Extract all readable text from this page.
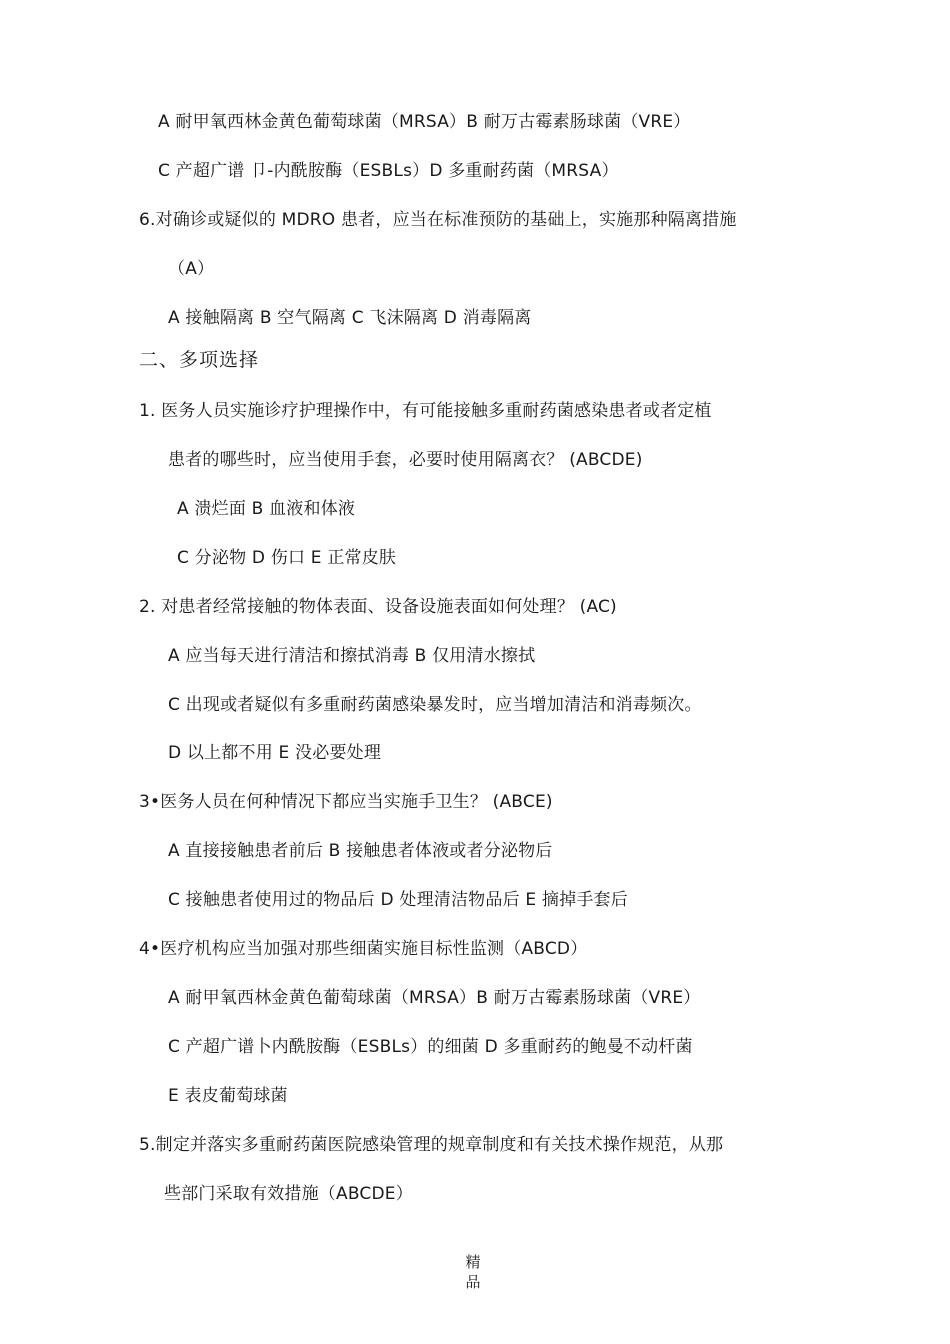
A 耐甲氧西林金黄色葡萄球菌（MRSA）B 耐万古霉素肠球菌（VRE）
C 产超广谱 卩-内酰胺酶（ESBLs）D 多重耐药菌（MRSA）
6.对确诊或疑似的 MDRO 患者，应当在标准预防的基础上，实施那种隔离措施
（A）
A 接触隔离 B 空气隔离 C 飞沫隔离 D 消毒隔离
二、多项选择
1. 医务人员实施诊疗护理操作中，有可能接触多重耐药菌感染患者或者定植
患者的哪些时，应当使用手套，必要时使用隔离衣？ (ABCDE)
A 溃烂面 B 血液和体液
C 分泌物 D 伤口 E 正常皮肤
2. 对患者经常接触的物体表面、设备设施表面如何处理？ (AC)
A 应当每天进行清洁和擦拭消毒 B 仅用清水擦拭
C 出现或者疑似有多重耐药菌感染暴发时，应当增加清洁和消毒频次。
D 以上都不用 E 没必要处理
3•医务人员在何种情况下都应当实施手卫生？ (ABCE)
A 直接接触患者前后 B 接触患者体液或者分泌物后
C 接触患者使用过的物品后 D 处理清洁物品后 E 摘掉手套后
4•医疗机构应当加强对那些细菌实施目标性监测（ABCD）
A 耐甲氧西林金黄色葡萄球菌（MRSA）B 耐万古霉素肠球菌（VRE）
C 产超广谱卜内酰胺酶（ESBLs）的细菌 D 多重耐药的鲍曼不动杆菌
E 表皮葡萄球菌
5.制定并落实多重耐药菌医院感染管理的规章制度和有关技术操作规范，从那
些部门采取有效措施（ABCDE）
精品
